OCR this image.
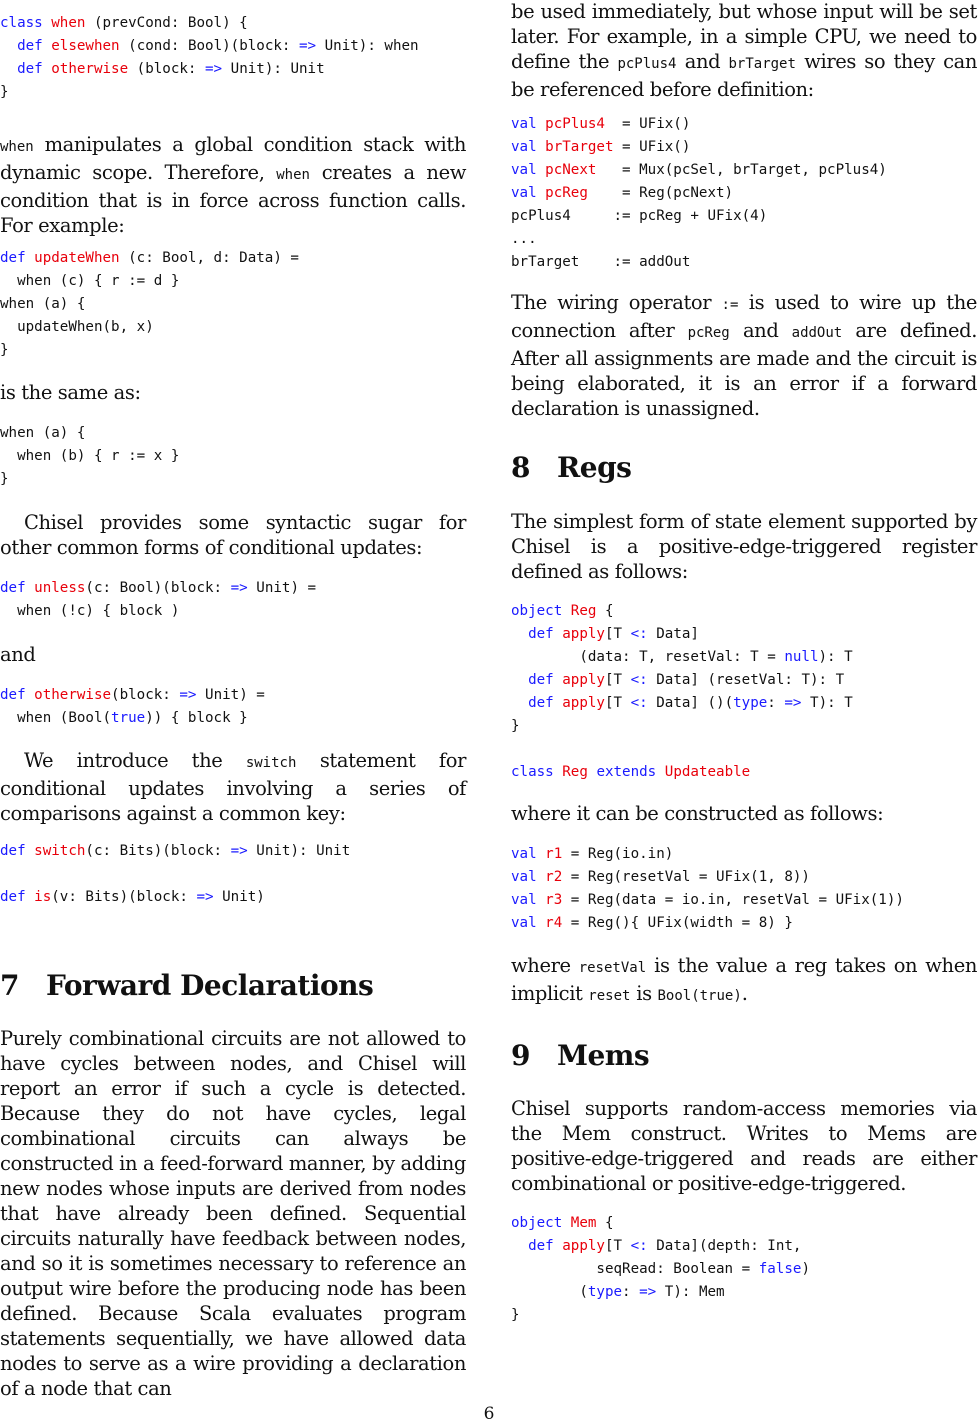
class when (prevCond: Bool) {
def elsewhen (cond: Bool)(block: => Unit): when
def otherwise (block: => Unit): Unit
}

when manipulates a global condition stack with dynamic scope. Therefore, when creates a new condition that is in force across function calls. For example:

def updateWhen (c: Bool, d: Data) =
when (c) { r := d }
when (a) {
updateWhen(b, x)
}

is the same as:

when (a) {
when (b) { r := x }
}

Chisel provides some syntactic sugar for other common forms of conditional updates:

def unless(c: Bool)(block: => Unit) =
when (!c) { block )

and

def otherwise(block: => Unit) =
when (Bool(true)) { block }

We introduce the switch statement for conditional updates involving a series of comparisons against a common key:

def switch(c: Bits)(block: => Unit): Unit

def is(v: Bits)(block: => Unit)
7 Forward Declarations

Purely combinational circuits are not allowed to have cycles between nodes, and Chisel will report an error if such a cycle is detected. Because they do not have cycles, legal combinational circuits can always be constructed in a feed-forward manner, by adding new nodes whose inputs are derived from nodes that have already been defined. Sequential circuits naturally have feedback between nodes, and so it is sometimes necessary to reference an output wire before the producing node has been defined. Because Scala evaluates program statements sequentially, we have allowed data nodes to serve as a wire providing a declaration of a node that can

be used immediately, but whose input will be set later. For example, in a simple CPU, we need to define the pcPlus4 and brTarget wires so they can be referenced before definition:

val pcPlus4  = UFix()
val brTarget = UFix()
val pcNext   = Mux(pcSel, brTarget, pcPlus4)
val pcReg    = Reg(pcNext)
pcPlus4     := pcReg + UFix(4)
...
brTarget    := addOut

The wiring operator := is used to wire up the connection after pcReg and addOut are defined. After all assignments are made and the circuit is being elaborated, it is an error if a forward declaration is unassigned.

8 Regs

The simplest form of state element supported by Chisel is a positive-edge-triggered register defined as follows:

object Reg {
def apply[T <: Data]
(data: T, resetVal: T = null): T
def apply[T <: Data] (resetVal: T): T
def apply[T <: Data] ()(type: => T): T
}

class Reg extends Updateable

where it can be constructed as follows:

val r1 = Reg(io.in)
val r2 = Reg(resetVal = UFix(1, 8))
val r3 = Reg(data = io.in, resetVal = UFix(1))
val r4 = Reg(){ UFix(width = 8) }

where resetVal is the value a reg takes on when implicit reset is Bool(true).

9 Mems

Chisel supports random-access memories via the Mem construct. Writes to Mems are positive-edge-triggered and reads are either combinational or positive-edge-triggered.

object Mem {
def apply[T <: Data](depth: Int,
seqRead: Boolean = false)
(type: => T): Mem
}
6
